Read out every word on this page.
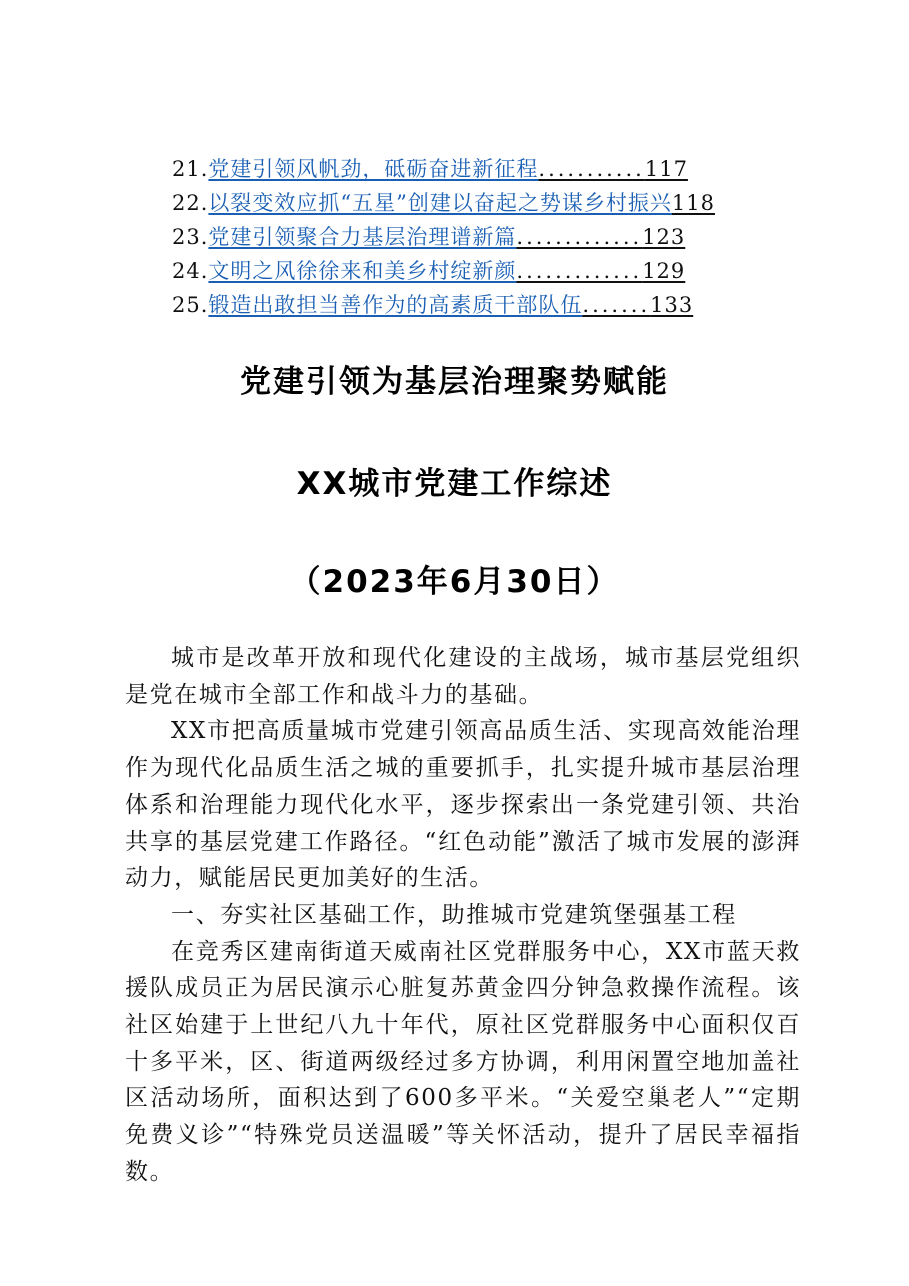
21.党建引领风帆劲，砥砺奋进新征程...........117
22.以裂变效应抓“五星”创建以奋起之势谋乡村振兴118
23.党建引领聚合力基层治理谱新篇.............123
24.文明之风徐徐来和美乡村绽新颜.............129
25.锻造出敢担当善作为的高素质干部队伍.......133
党建引领为基层治理聚势赋能
XX城市党建工作综述
（2023年6月30日）

城市是改革开放和现代化建设的主战场，城市基层党组织是党在城市全部工作和战斗力的基础。

XX市把高质量城市党建引领高品质生活、实现高效能治理作为现代化品质生活之城的重要抓手，扎实提升城市基层治理体系和治理能力现代化水平，逐步探索出一条党建引领、共治共享的基层党建工作路径。“红色动能”激活了城市发展的澎湃动力，赋能居民更加美好的生活。

一、夯实社区基础工作，助推城市党建筑堡强基工程

在竞秀区建南街道天威南社区党群服务中心，XX市蓝天救援队成员正为居民演示心脏复苏黄金四分钟急救操作流程。该社区始建于上世纪八九十年代，原社区党群服务中心面积仅百十多平米，区、街道两级经过多方协调，利用闲置空地加盖社区活动场所，面积达到了600多平米。“关爱空巢老人”“定期免费义诊”“特殊党员送温暖”等关怀活动，提升了居民幸福指数。
